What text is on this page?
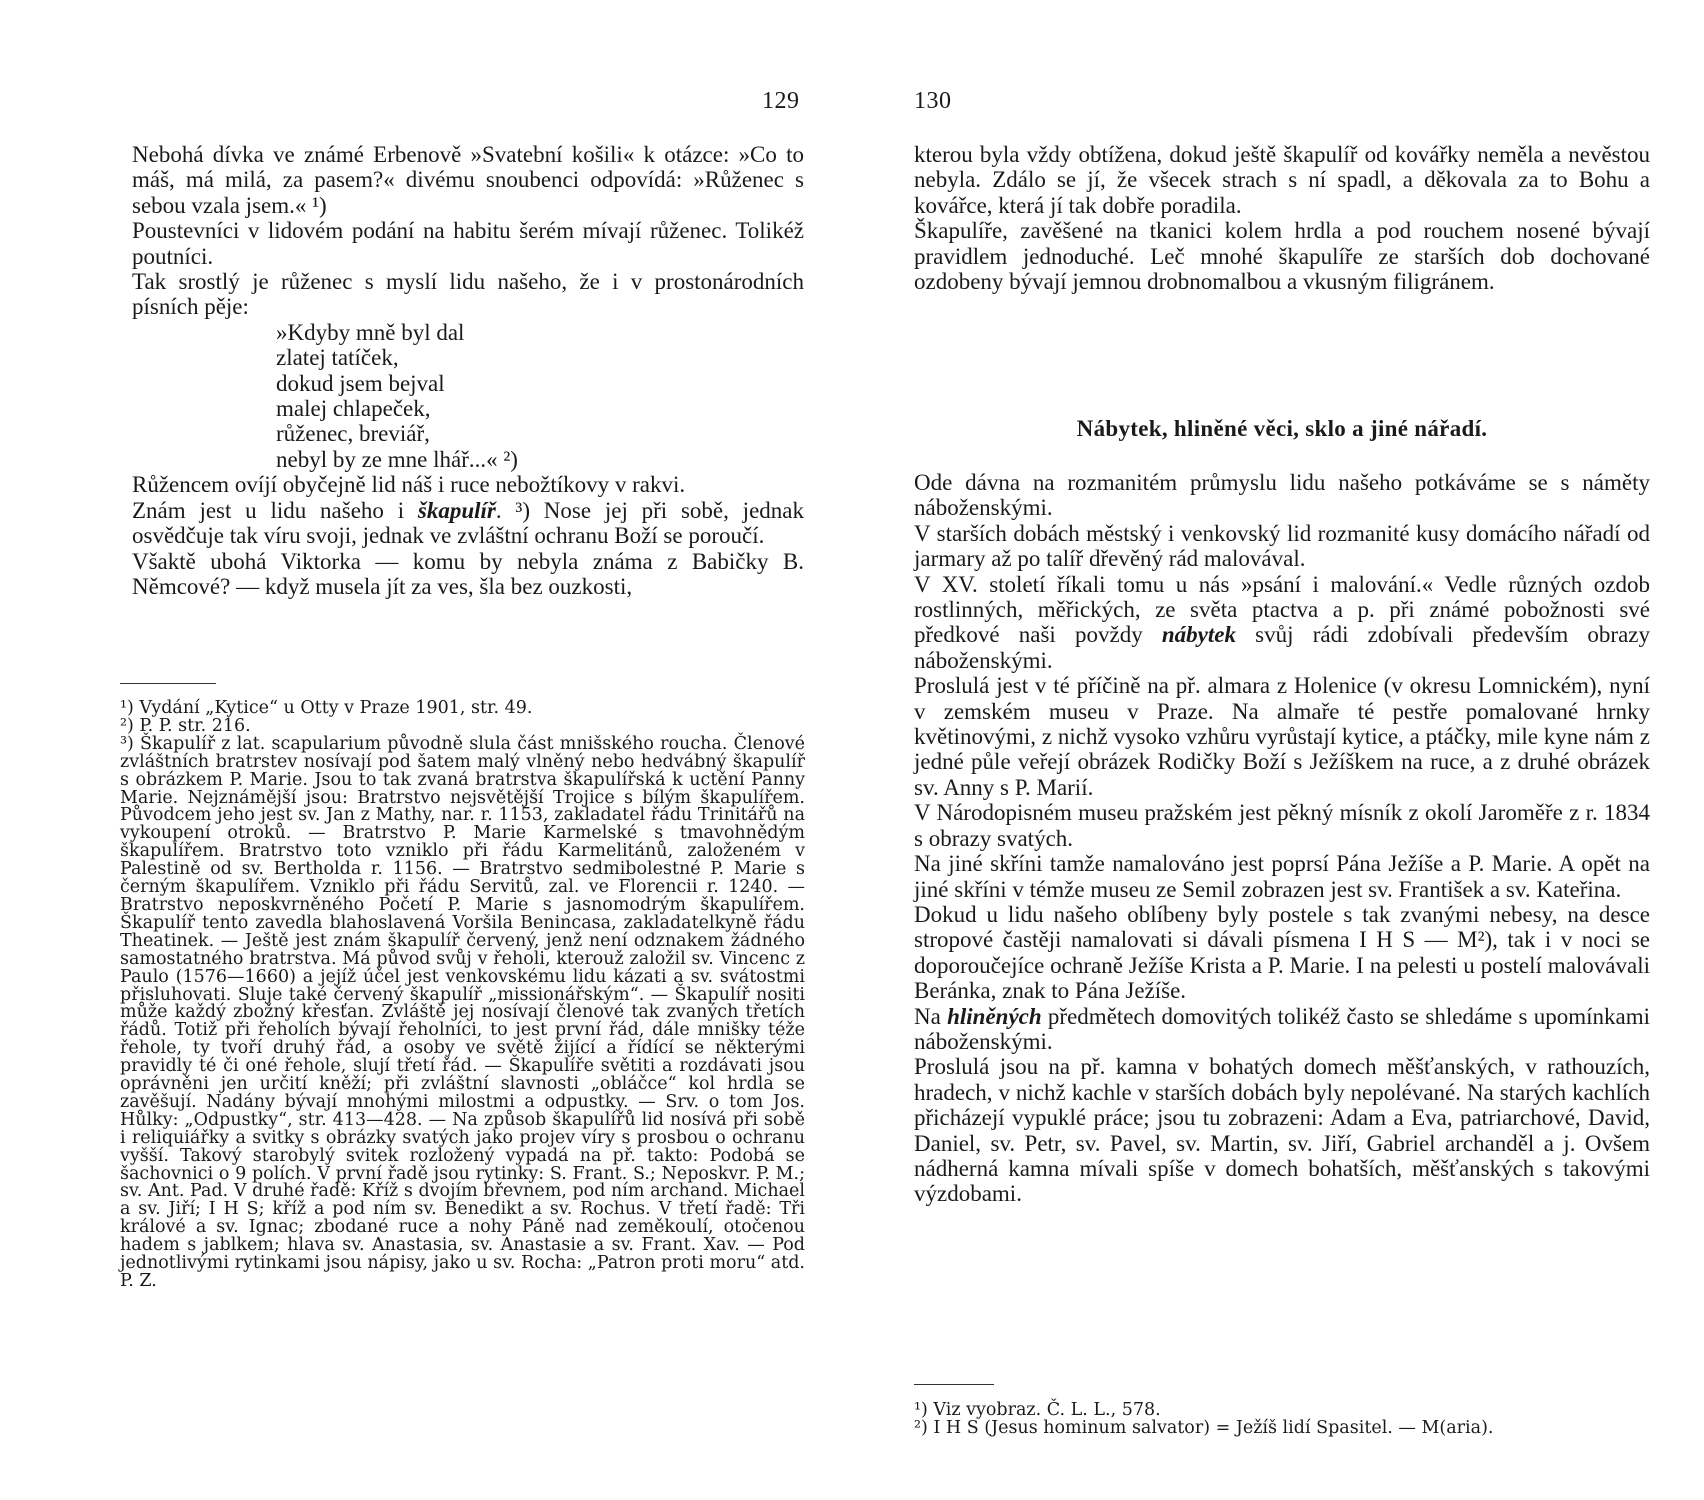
129

Nebohá dívka ve známé Erbenově »Svatební košili« k otázce: »Co to máš, má milá, za pasem?« divému snoubenci odpovídá: »Růženec s sebou vzala jsem.« ¹)

Poustevníci v lidovém podání na habitu šerém mívají růženec. Tolikéž poutníci.

Tak srostlý je růženec s myslí lidu našeho, že i v prostonárodních písních pěje:

»Kdyby mně byl dal
zlatej tatíček,
dokud jsem bejval
malej chlapeček,
růženec, breviář,
nebyl by ze mne lhář...« ²)

Růžencem ovíjí obyčejně lid náš i ruce nebožtíkovy v rakvi.

Znám jest u lidu našeho i škapulíř. ³) Nose jej při sobě, jednak osvědčuje tak víru svoji, jednak ve zvláštní ochranu Boží se poroučí.

Všaktě ubohá Viktorka — komu by nebyla známa z Babičky B. Němcové? — když musela jít za ves, šla bez ouzkosti,

¹) Vydání „Kytice“ u Otty v Praze 1901, str. 49.

²) P. P. str. 216.

³) Škapulíř z lat. scapularium původně slula část mnišského roucha. Členové zvláštních bratrstev nosívají pod šatem malý vlněný nebo hedvábný škapulíř s obrázkem P. Marie. Jsou to tak zvaná bratrstva škapulířská k uctění Panny Marie. Nejznámější jsou: Bratrstvo nejsvětější Trojice s bílým škapulířem. Původcem jeho jest sv. Jan z Mathy, nar. r. 1153, zakladatel řádu Trinitářů na vykoupení otroků. — Bratrstvo P. Marie Karmelské s tmavohnědým škapulířem. Bratrstvo toto vzniklo při řádu Karmelitánů, založeném v Palestině od sv. Bertholda r. 1156. — Bratrstvo sedmibolestné P. Marie s černým škapulířem. Vzniklo při řádu Servitů, zal. ve Florencii r. 1240. — Bratrstvo neposkvrněného Početí P. Marie s jasnomodrým škapulířem. Škapulíř tento zavedla blahoslavená Voršila Benincasa, zakladatelkyně řádu Theatinek. — Ještě jest znám škapulíř červený, jenž není odznakem žádného samostatného bratrstva. Má původ svůj v řeholi, kterouž založil sv. Vincenc z Paulo (1576—1660) a jejíž účel jest venkovskému lidu kázati a sv. svátostmi přisluhovati. Sluje také červený škapulíř „missionářským“. — Škapulíř nositi může každý zbožný křesťan. Zvláště jej nosívají členové tak zvaných třetích řádů. Totiž při řeholích bývají řeholníci, to jest první řád, dále mnišky téže řehole, ty tvoří druhý řád, a osoby ve světě žijící a řídící se některými pravidly té či oné řehole, slují třetí řád. — Škapulíře světiti a rozdávati jsou oprávněni jen určití kněží; při zvláštní slavnosti „obláčce“ kol hrdla se zavěšují. Nadány bývají mnohými milostmi a odpustky. — Srv. o tom Jos. Hůlky: „Odpustky“, str. 413—428. — Na způsob škapulířů lid nosívá při sobě i reliquiářky a svitky s obrázky svatých jako projev víry s prosbou o ochranu vyšší. Takový starobylý svitek rozložený vypadá na př. takto: Podobá se šachovnici o 9 polích. V první řadě jsou rytinky: S. Frant. S.; Neposkvr. P. M.; sv. Ant. Pad. V druhé řadě: Kříž s dvojím břevnem, pod ním archand. Michael a sv. Jiří; I H S; kříž a pod ním sv. Benedikt a sv. Rochus. V třetí řadě: Tři králové a sv. Ignac; zbodané ruce a nohy Páně nad zeměkoulí, otočenou hadem s jablkem; hlava sv. Anastasia, sv. Anastasie a sv. Frant. Xav. — Pod jednotlivými rytinkami jsou nápisy, jako u sv. Rocha: „Patron proti moru“ atd. P. Z.

130

kterou byla vždy obtížena, dokud ještě škapulíř od kovářky neměla a nevěstou nebyla. Zdálo se jí, že všecek strach s ní spadl, a děkovala za to Bohu a kovářce, která jí tak dobře poradila.

Škapulíře, zavěšené na tkanici kolem hrdla a pod rouchem nosené bývají pravidlem jednoduché. Leč mnohé škapulíře ze starších dob dochované ozdobeny bývají jemnou drobnomalbou a vkusným filigránem.

Nábytek, hliněné věci, sklo a jiné nářadí.

Ode dávna na rozmanitém průmyslu lidu našeho potkáváme se s náměty náboženskými.

V starších dobách městský i venkovský lid rozmanité kusy domácího nářadí od jarmary až po talíř dřevěný rád malovával.

V XV. století říkali tomu u nás »psání i malování.« Vedle různých ozdob rostlinných, měřických, ze světa ptactva a p. při známé pobožnosti své předkové naši povždy nábytek svůj rádi zdobívali především obrazy náboženskými.

Proslulá jest v té příčině na př. almara z Holenice (v okresu Lomnickém), nyní v zemském museu v Praze. Na almaře té pestře pomalované hrnky květinovými, z nichž vysoko vzhůru vyrůstají kytice, a ptáčky, mile kyne nám z jedné půle veřejí obrázek Rodičky Boží s Ježíškem na ruce, a z druhé obrázek sv. Anny s P. Marií.

V Národopisném museu pražském jest pěkný mísník z okolí Jaroměře z r. 1834 s obrazy svatých.

Na jiné skříni tamže namalováno jest poprsí Pána Ježíše a P. Marie. A opět na jiné skříni v témže museu ze Semil zobrazen jest sv. František a sv. Kateřina.

Dokud u lidu našeho oblíbeny byly postele s tak zvanými nebesy, na desce stropové častěji namalovati si dávali písmena I H S — M²), tak i v noci se doporoučejíce ochraně Ježíše Krista a P. Marie. I na pelesti u postelí malovávali Beránka, znak to Pána Ježíše.

Na hliněných předmětech domovitých tolikéž často se shledáme s upomínkami náboženskými.

Proslulá jsou na př. kamna v bohatých domech měšťanských, v rathouzích, hradech, v nichž kachle v starších dobách byly nepolévané. Na starých kachlích přicházejí vypuklé práce; jsou tu zobrazeni: Adam a Eva, patriarchové, David, Daniel, sv. Petr, sv. Pavel, sv. Martin, sv. Jiří, Gabriel archanděl a j. Ovšem nádherná kamna mívali spíše v domech bohatších, měšťanských s takovými výzdobami.

¹) Viz vyobraz. Č. L. L., 578.

²) I H S (Jesus hominum salvator) = Ježíš lidí Spasitel. — M(aria).
